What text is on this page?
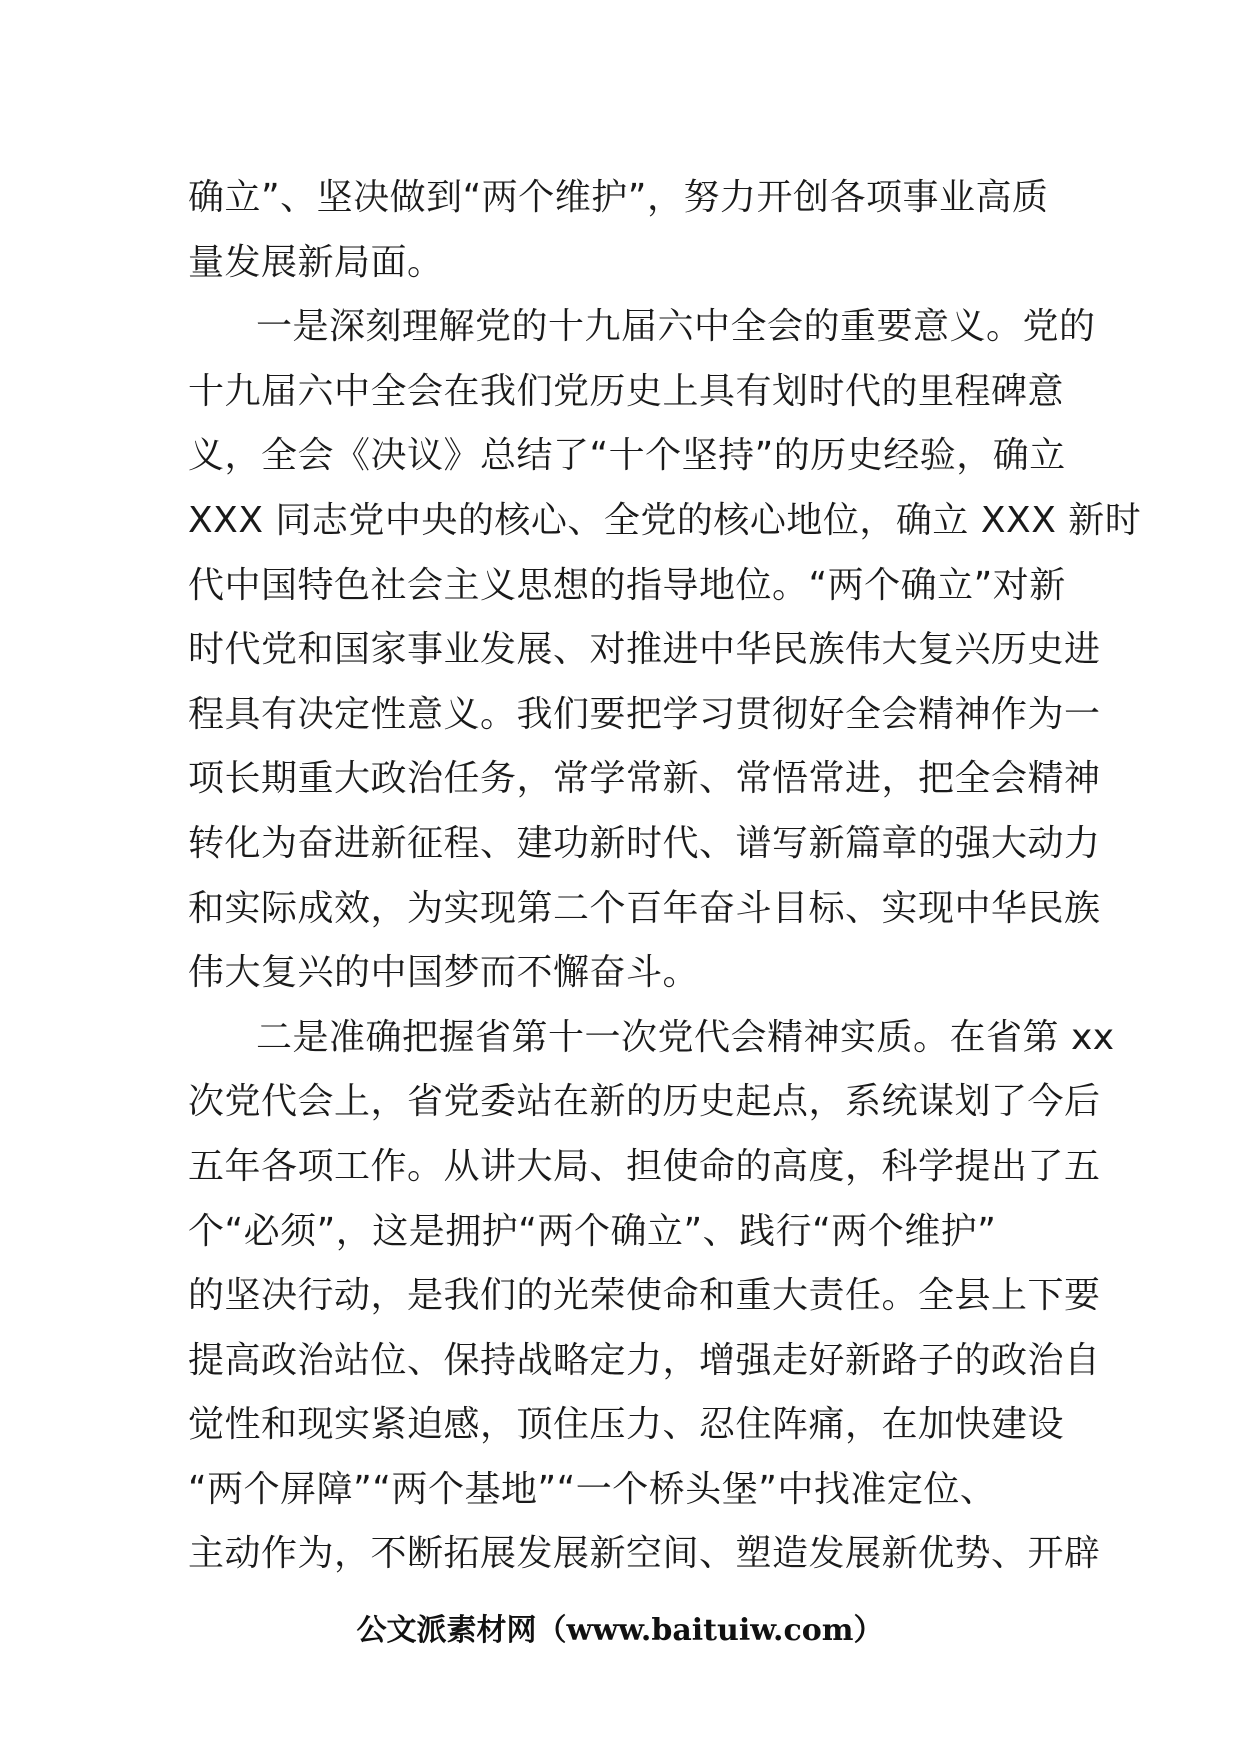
确立”、坚决做到“两个维护”，努力开创各项事业高质
量发展新局面。
一是深刻理解党的十九届六中全会的重要意义。党的
十九届六中全会在我们党历史上具有划时代的里程碑意
义，全会《决议》总结了“十个坚持”的历史经验，确立
XXX 同志党中央的核心、全党的核心地位，确立 XXX 新时
代中国特色社会主义思想的指导地位。“两个确立”对新
时代党和国家事业发展、对推进中华民族伟大复兴历史进
程具有决定性意义。我们要把学习贯彻好全会精神作为一
项长期重大政治任务，常学常新、常悟常进，把全会精神
转化为奋进新征程、建功新时代、谱写新篇章的强大动力
和实际成效，为实现第二个百年奋斗目标、实现中华民族
伟大复兴的中国梦而不懈奋斗。
二是准确把握省第十一次党代会精神实质。在省第 xx
次党代会上，省党委站在新的历史起点，系统谋划了今后
五年各项工作。从讲大局、担使命的高度，科学提出了五
个“必须”，这是拥护“两个确立”、践行“两个维护”
的坚决行动，是我们的光荣使命和重大责任。全县上下要
提高政治站位、保持战略定力，增强走好新路子的政治自
觉性和现实紧迫感，顶住压力、忍住阵痛，在加快建设
“两个屏障”“两个基地”“一个桥头堡”中找准定位、
主动作为，不断拓展发展新空间、塑造发展新优势、开辟
公文派素材网（www.baituiw.com）
